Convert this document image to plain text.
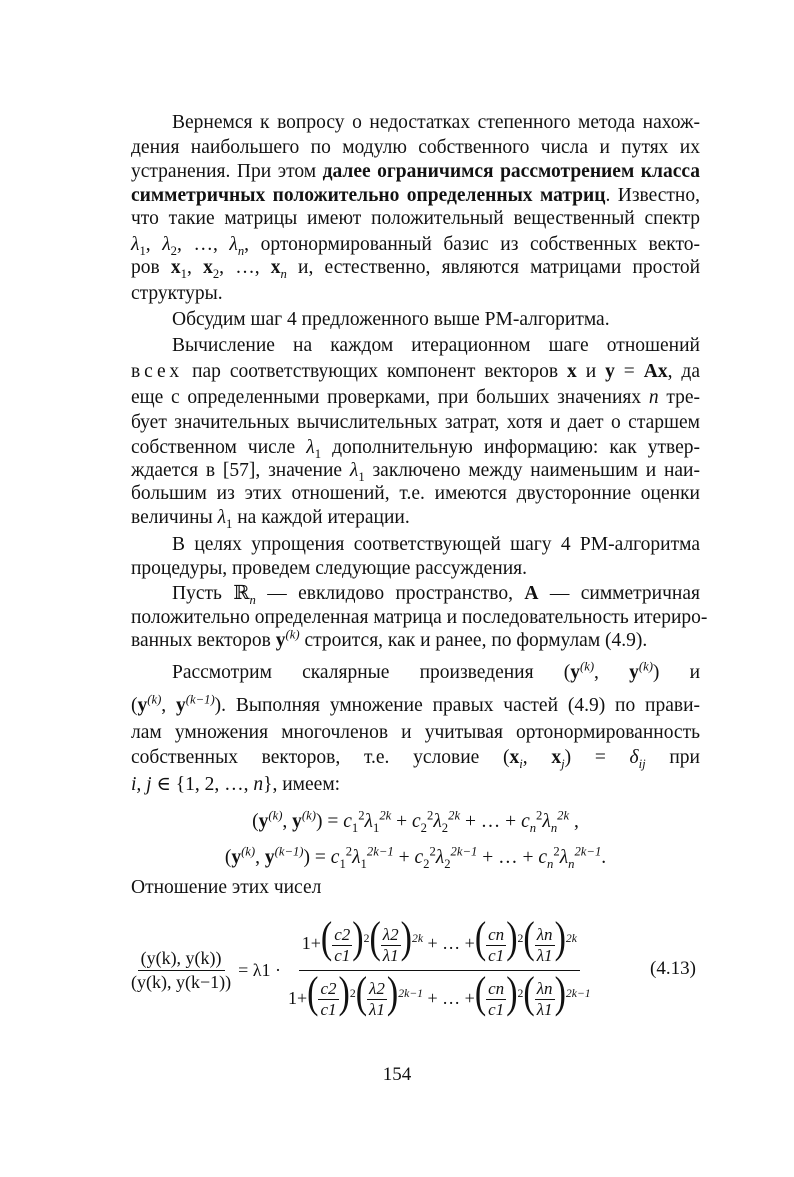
Вернемся к вопросу о недостатках степенного метода нахож-
дения наибольшего по модулю собственного числа и путях их
устранения. При этом далее ограничимся рассмотрением класса
симметричных положительно определенных матриц. Известно,
что такие матрицы имеют положительный вещественный спектр
$\lambda_1$, $\lambda_2$, …, $\lambda_n$, ортонормированный базис из собственных векто-
ров $x_1$, $x_2$, …, $x_n$ и, естественно, являются матрицами простой
структуры.
Обсудим шаг 4 предложенного выше РМ-алгоритма.
Вычисление на каждом итерационном шаге отношений
всех пар соответствующих компонент векторов x и y = Ax, да
еще с определенными проверками, при больших значениях n тре-
бует значительных вычислительных затрат, хотя и дает о старшем
собственном числе $\lambda_1$ дополнительную информацию: как утвер-
ждается в [57], значение $\lambda_1$ заключено между наименьшим и наи-
большим из этих отношений, т.е. имеются двусторонние оценки
величины $\lambda_1$ на каждой итерации.
В целях упрощения соответствующей шагу 4 РМ-алгоритма
процедуры, проведем следующие рассуждения.
Пусть ℝ$_n$ — евклидово пространство, A — симметричная
положительно определенная матрица и последовательность итериро-
ванных векторов $y^{(k)}$ строится, как и ранее, по формулам (4.9).
Рассмотрим скалярные произведения ($y^{(k)}$, $y^{(k)}$) и
($y^{(k)}$, $y^{(k-1)}$). Выполняя умножение правых частей (4.9) по прави-
лам умножения многочленов и учитывая ортонормированность
собственных векторов, т.е. условие ($x_i$, $x_j) = \delta_{ij}$ при
i, j ∈ {1, 2, …, n}, имеем:
($y^{(k)}$, $y^{(k)}) = c_1^2\lambda_1^{2k} + c_2^2\lambda_2^{2k}$ + … + $c_n^2\lambda_n^{2k}$ ,
($y^{(k)}$, $y^{(k-1)}) = c_1^2\lambda_1^{2k-1} + c_2^2\lambda_2^{2k-1}$ + … + $c_n^2\lambda_n^{2k-1}$.
Отношение этих чисел
$\frac{(y(k), y(k))}{(y(k), y(k-1))} = \lambda 1 \cdot \frac{1+( \frac{c2}{c1} )^2( \frac{\lambda 2}{\lambda 1} )^{2k} + \dots +( \frac{cn}{c1} )^2( \frac{\lambda n}{\lambda 1} )^{2k}}{1+( \frac{c2}{c1} )^2( \frac{\lambda 2}{\lambda 1} )^{2k-1} + \dots +( \frac{cn}{c1} )^2( \frac{\lambda n}{\lambda 1} )^{2k-1}}$	(4.13)
154
